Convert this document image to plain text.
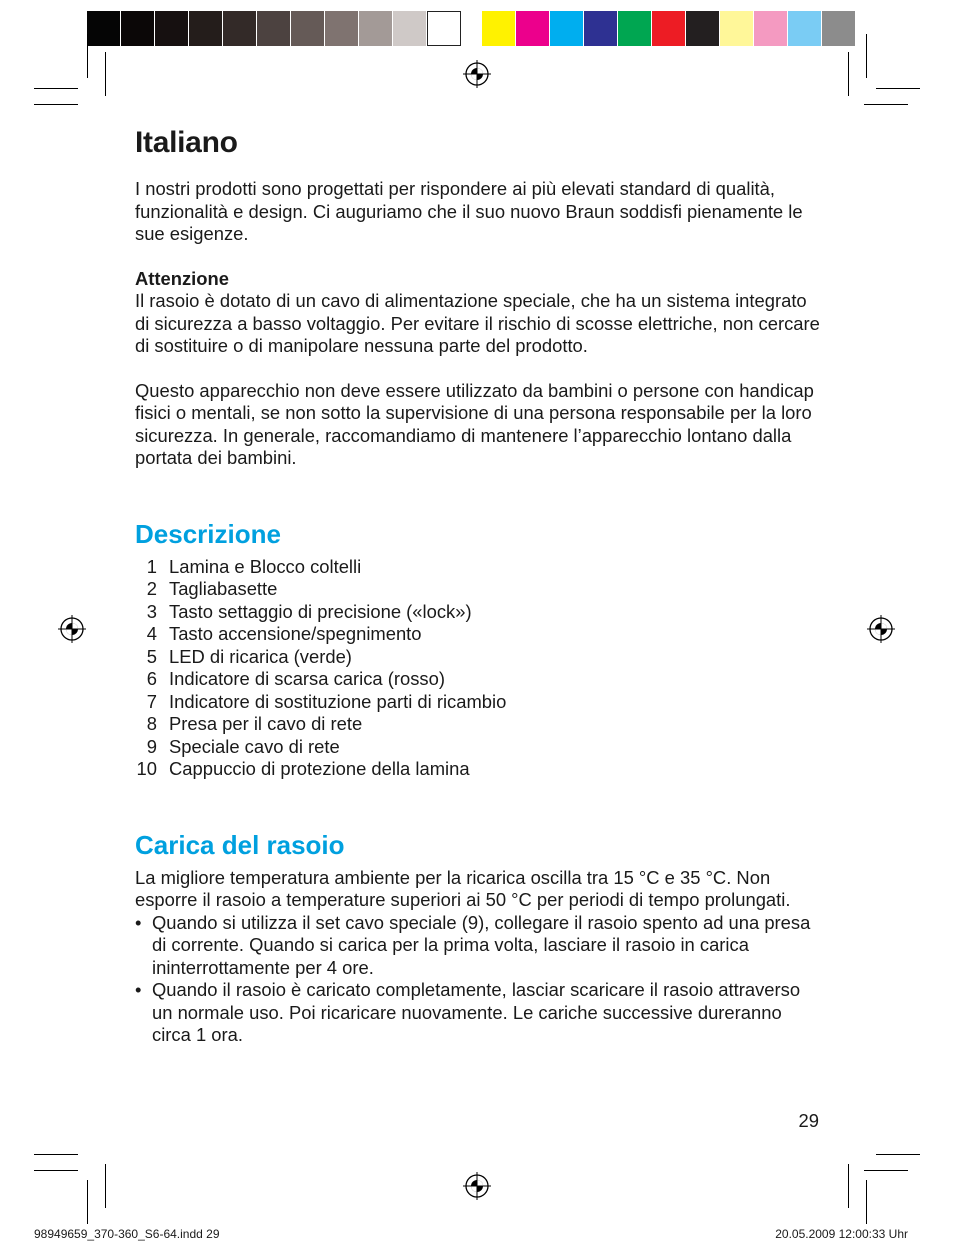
Italiano

I nostri prodotti sono progettati per rispondere ai più elevati standard di qualità, funzionalità e design. Ci auguriamo che il suo nuovo Braun soddisfi pienamente le sue esigenze.

Attenzione

Il rasoio è dotato di un cavo di alimentazione speciale, che ha un sistema integrato di sicurezza a basso voltaggio. Per evitare il rischio di scosse elettriche, non cercare di sostituire o di manipolare nessuna parte del prodotto.

Questo apparecchio non deve essere utilizzato da bambini o persone con handicap fisici o mentali, se non sotto la supervisione di una persona responsabile per la loro sicurezza. In generale, raccomandiamo di mantenere l’apparecchio lontano dalla portata dei bambini.

Descrizione
1 Lamina e Blocco coltelli
2 Tagliabasette
3 Tasto settaggio di precisione («lock»)
4 Tasto accensione/spegnimento
5 LED di ricarica (verde)
6 Indicatore di scarsa carica (rosso)
7 Indicatore di sostituzione parti di ricambio
8 Presa per il cavo di rete
9 Speciale cavo di rete
10 Cappuccio di protezione della lamina
Carica del rasoio

La migliore temperatura ambiente per la ricarica oscilla tra 15 °C e 35 °C. Non esporre il rasoio a temperature superiori ai 50 °C per periodi di tempo prolungati.

• Quando si utilizza il set cavo speciale (9), collegare il rasoio spento ad una presa di corrente. Quando si carica per la prima volta, lasciare il rasoio in carica ininterrottamente per 4 ore.
• Quando il rasoio è caricato completamente, lasciar scaricare il rasoio attraverso un normale uso. Poi ricaricare nuovamente. Le cariche successive dureranno circa 1 ora.
29
98949659_370-360_S6-64.indd 29	20.05.2009 12:00:33 Uhr
